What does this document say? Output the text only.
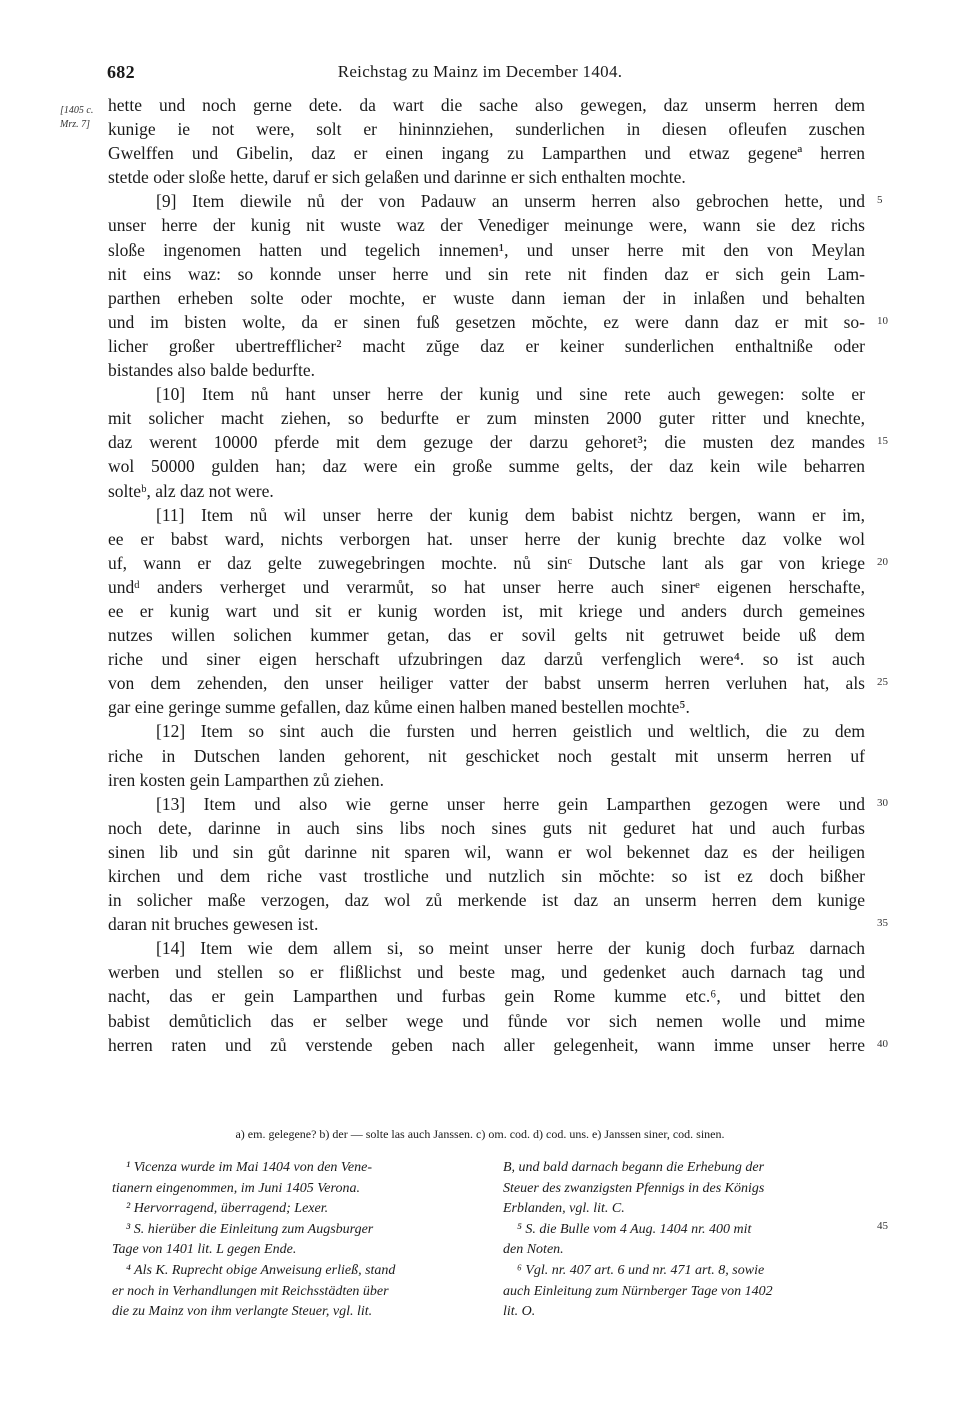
Reichstag zu Mainz im December 1404.
682
[1405 c. Mrz. 7]
hette und noch gerne dete. da wart die sache also gewegen, daz unserm herren dem
kunige ie not were, solt er hininnziehen, sunderlichen in diesen ofleufen zuschen
Gwelffen und Gibelin, daz er einen ingang zu Lamparthen und etwaz gegeneª herren
stetde oder sloße hette, daruf er sich gelaßen und darinne er sich enthalten mochte.
[9] Item diewile nů der von Padauw an unserm herren also gebrochen hette, und
unser herre der kunig nit wuste waz der Venediger meinunge were, wann sie dez richs
sloße ingenomen hatten und tegelich innemen¹, und unser herre mit den von Meylan
nit eins waz: so konnde unser herre und sin rete nit finden daz er sich gein Lam-
parthen erheben solte oder mochte, er wuste dann ieman der in inlaßen und behalten
und im bisten wolte, da er sinen fuß gesetzen mŏchte, ez were dann daz er mit so-
licher großer ubertrefflicher² macht zŭge daz er keiner sunderlichen enthaltniße oder
bistandes also balde bedurfte.
[10] Item nů hant unser herre der kunig und sine rete auch gewegen: solte er
mit solicher macht ziehen, so bedurfte er zum minsten 2000 guter ritter und knechte,
daz werent 10000 pferde mit dem gezuge der darzu gehoret³; die musten dez mandes
wol 50000 gulden han; daz were ein große summe gelts, der daz kein wile beharren
solteᵇ, alz daz not were.
[11] Item nů wil unser herre der kunig dem babist nichtz bergen, wann er im,
ee er babst ward, nichts verborgen hat. unser herre der kunig brechte daz volke wol
uf, wann er daz gelte zuwegebringen mochte. nů sinᶜ Dutsche lant als gar von kriege
undᵈ anders verherget und verarmůt, so hat unser herre auch sinerᵉ eigenen herschafte,
ee er kunig wart und sit er kunig worden ist, mit kriege und anders durch gemeines
nutzes willen solichen kummer getan, das er sovil gelts nit getruwet beide uß dem
riche und siner eigen herschaft ufzubringen daz darzů verfenglich were⁴. so ist auch
von dem zehenden, den unser heiliger vatter der babst unserm herren verluhen hat, als
gar eine geringe summe gefallen, daz kůme einen halben maned bestellen mochte⁵.
[12] Item so sint auch die fursten und herren geistlich und weltlich, die zu dem
riche in Dutschen landen gehorent, nit geschicket noch gestalt mit unserm herren uf
iren kosten gein Lamparthen zů ziehen.
[13] Item und also wie gerne unser herre gein Lamparthen gezogen were und
noch dete, darinne in auch sins libs noch sines guts nit geduret hat und auch furbas
sinen lib und sin gůt darinne nit sparen wil, wann er wol bekennet daz es der heiligen
kirchen und dem riche vast trostliche und nutzlich sin mŏchte: so ist ez doch bißher
in solicher maße verzogen, daz wol zů merkende ist daz an unserm herren dem kunige
daran nit bruches gewesen ist.
[14] Item wie dem allem si, so meint unser herre der kunig doch furbaz darnach
werben und stellen so er flißlichst und beste mag, und gedenket auch darnach tag und
nacht, das er gein Lamparthen und furbas gein Rome kumme etc.⁶, und bittet den
babist demůticlich das er selber wege und fůnde vor sich nemen wolle und mime
herren raten und zů verstende geben nach aller gelegenheit, wann imme unser herre
5
10
15
20
25
30
35
40
a) em. gelegene? b) der — solte las auch Janssen. c) om. cod. d) cod. uns. e) Janssen siner, cod. sinen.
¹ Vicenza wurde im Mai 1404 von den Vene-
tianern eingenommen, im Juni 1405 Verona.
² Hervorragend, überragend; Lexer.
³ S. hierüber die Einleitung zum Augsburger
Tage von 1401 lit. L gegen Ende.
⁴ Als K. Ruprecht obige Anweisung erließ, stand
er noch in Verhandlungen mit Reichsstädten über
die zu Mainz von ihm verlangte Steuer, vgl. lit.
B, und bald darnach begann die Erhebung der
Steuer des zwanzigsten Pfennigs in des Königs
Erblanden, vgl. lit. C.
⁵ S. die Bulle vom 4 Aug. 1404 nr. 400 mit
den Noten.
⁶ Vgl. nr. 407 art. 6 und nr. 471 art. 8, sowie
auch Einleitung zum Nürnberger Tage von 1402
lit. O.
45
